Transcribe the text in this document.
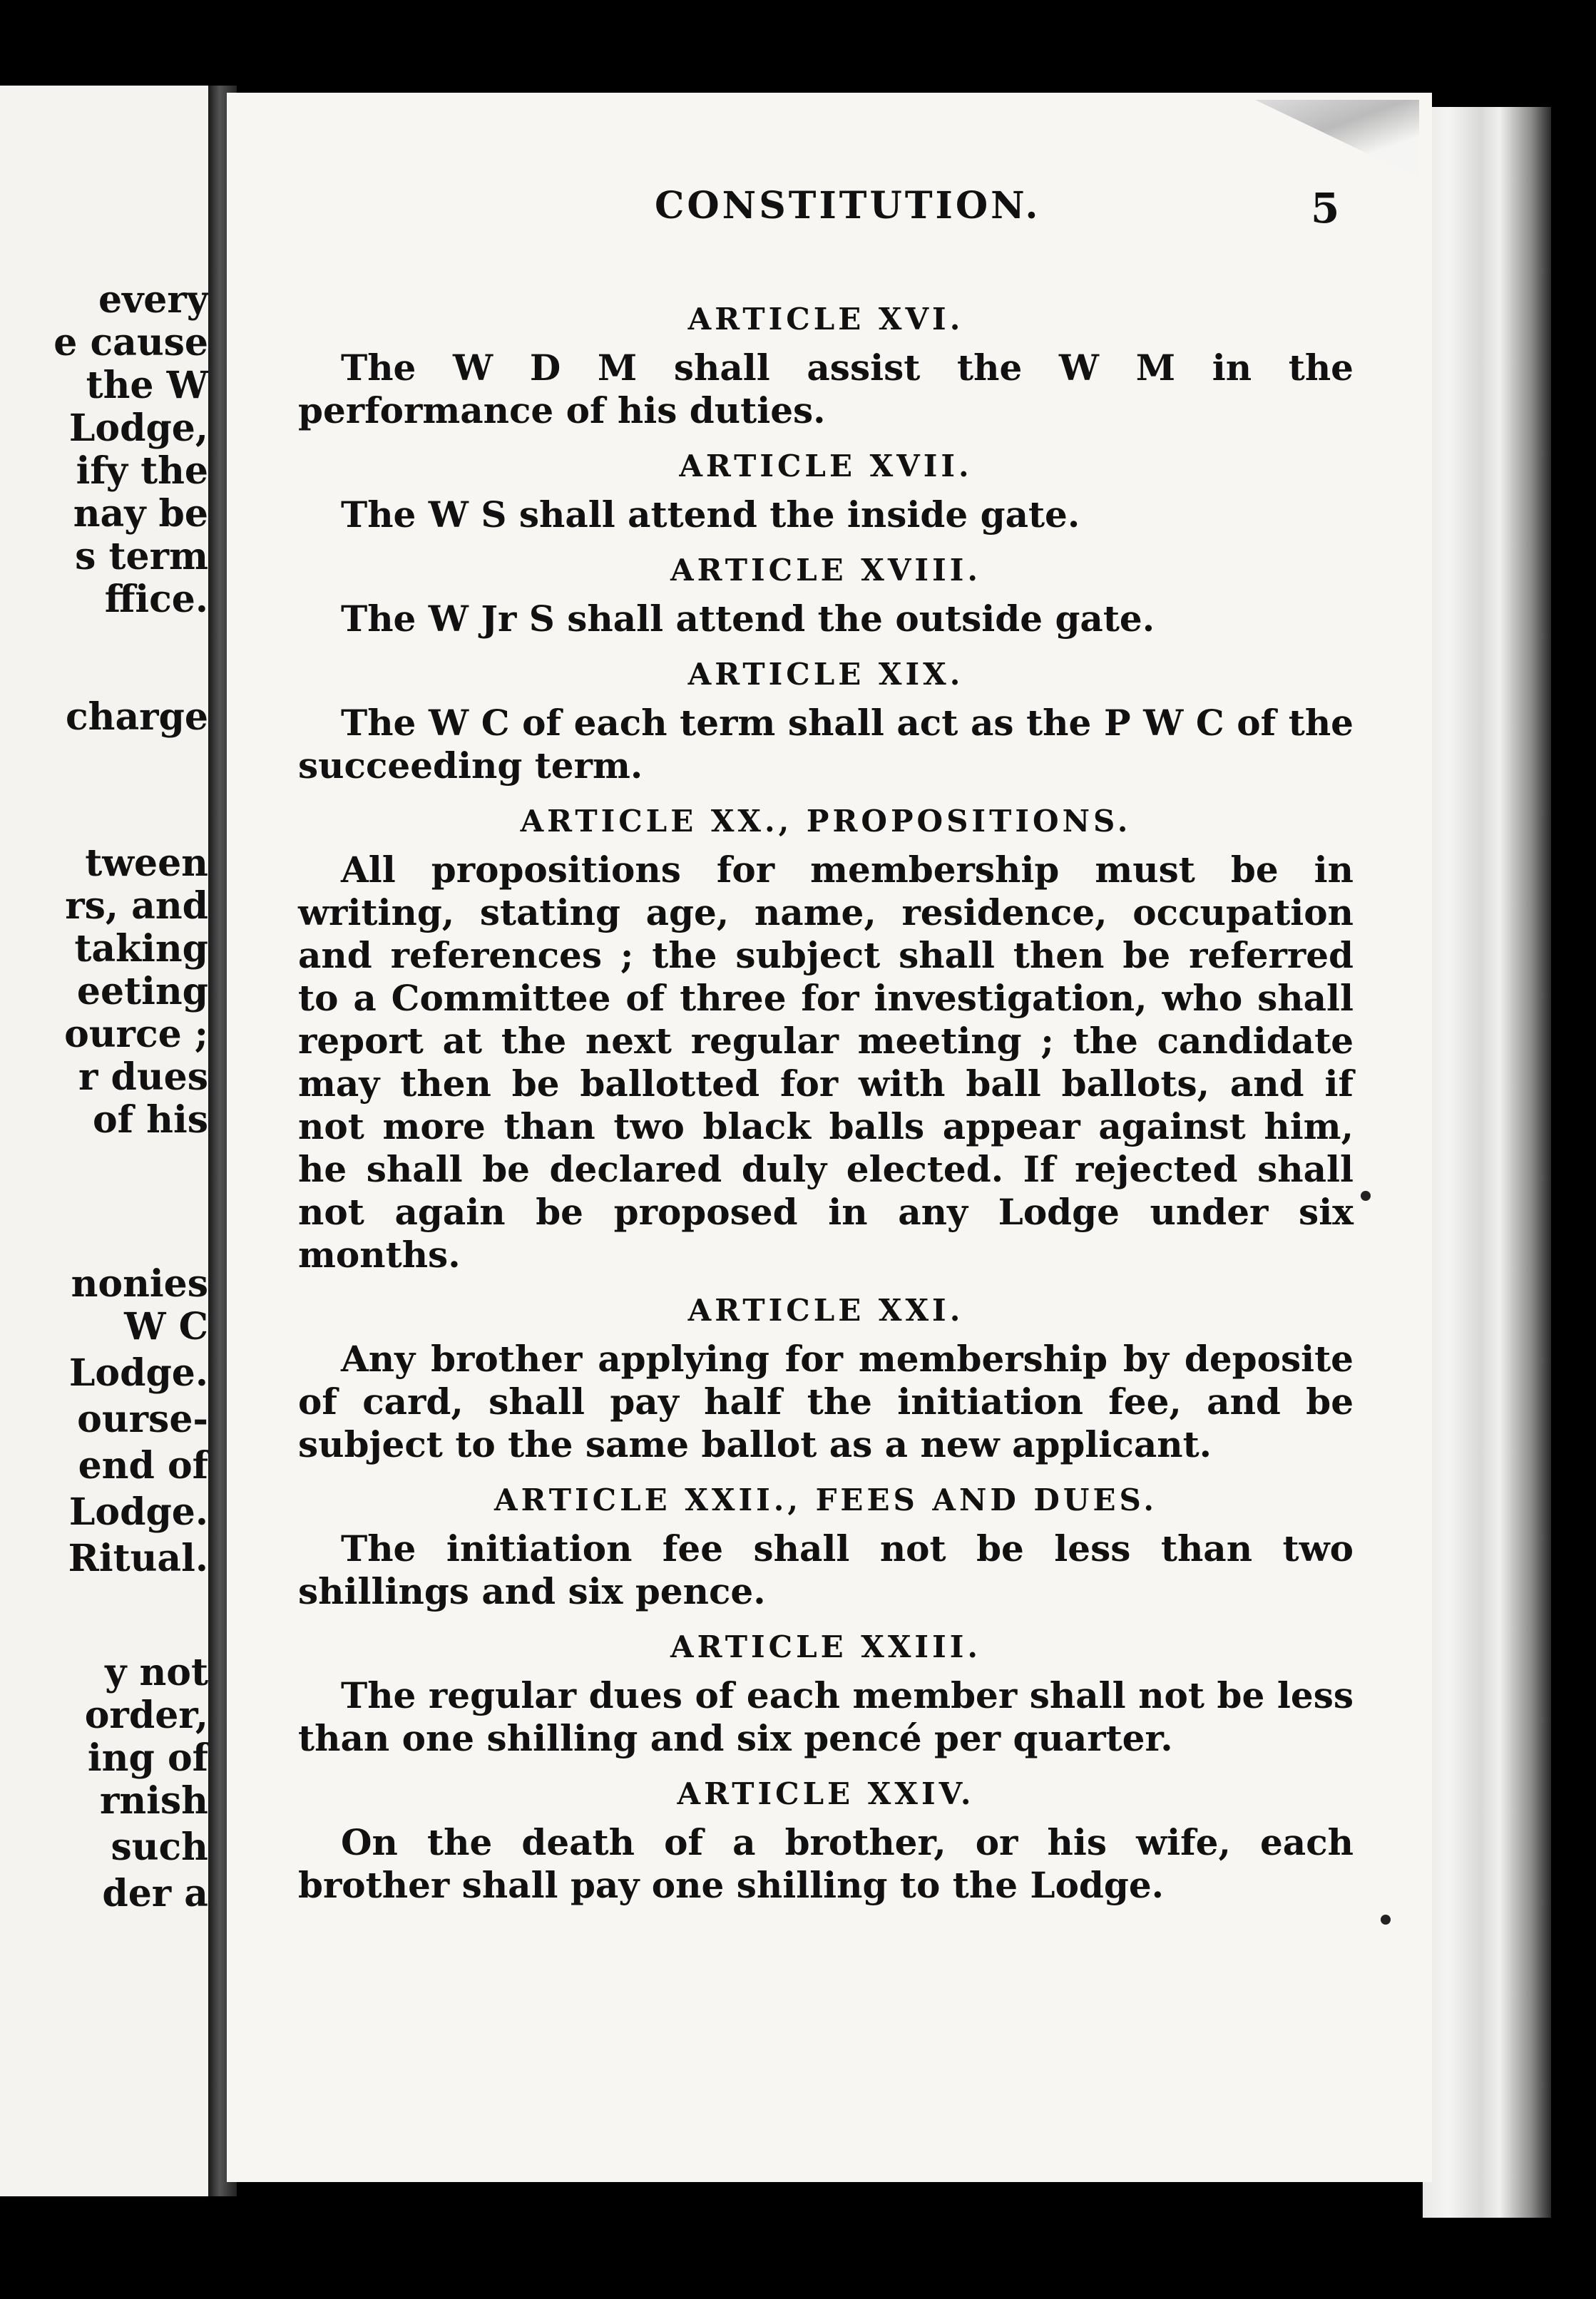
every
e cause
the W
Lodge,
ify the
nay be
s term
ffice.
charge
tween
rs, and
taking
eeting
ource ;
r dues
of his
nonies
W C
Lodge.
ourse-
end of
Lodge.
Ritual.
y not
order,
ing of
rnish
such
der a
CONSTITUTION.	5
ARTICLE XVI.

The W D M shall assist the W M in the performance of his duties.

ARTICLE XVII.

The W S shall attend the inside gate.

ARTICLE XVIII.

The W Jr S shall attend the outside gate.

ARTICLE XIX.

The W C of each term shall act as the P W C of the succeeding term.

ARTICLE XX., PROPOSITIONS.

All propositions for membership must be in writing, stating age, name, residence, occupation and references ; the subject shall then be referred to a Committee of three for investigation, who shall report at the next regular meeting ; the candidate may then be ballotted for with ball ballots, and if not more than two black balls appear against him, he shall be declared duly elected. If rejected shall not again be proposed in any Lodge under six months.

ARTICLE XXI.

Any brother applying for membership by deposite of card, shall pay half the initiation fee, and be subject to the same ballot as a new applicant.

ARTICLE XXII., FEES AND DUES.

The initiation fee shall not be less than two shillings and six pence.

ARTICLE XXIII.

The regular dues of each member shall not be less than one shilling and six pencé per quarter.

ARTICLE XXIV.

On the death of a brother, or his wife, each brother shall pay one shilling to the Lodge.
